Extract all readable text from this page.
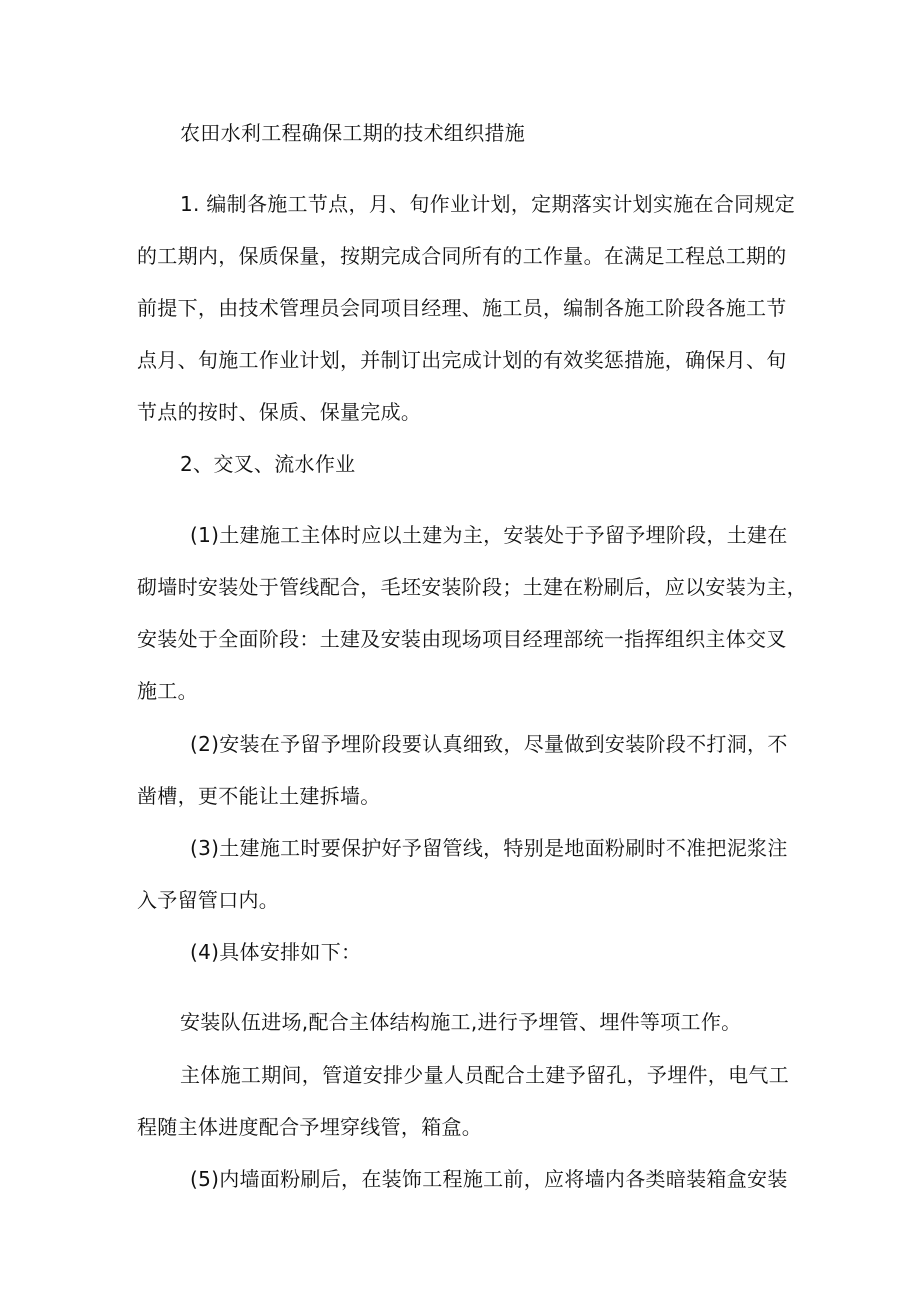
农田水利工程确保工期的技术组织措施
1. 编制各施工节点，月、旬作业计划，定期落实计划实施在合同规定
的工期内，保质保量，按期完成合同所有的工作量。在满足工程总工期的
前提下，由技术管理员会同项目经理、施工员，编制各施工阶段各施工节
点月、旬施工作业计划，并制订出完成计划的有效奖惩措施，确保月、旬
节点的按时、保质、保量完成。
2、交叉、流水作业
(1)土建施工主体时应以土建为主，安装处于予留予埋阶段，土建在
砌墙时安装处于管线配合，毛坯安装阶段；土建在粉刷后，应以安装为主，
安装处于全面阶段：土建及安装由现场项目经理部统一指挥组织主体交叉
施工。
(2)安装在予留予埋阶段要认真细致，尽量做到安装阶段不打洞，不
凿槽，更不能让土建拆墙。
(3)土建施工时要保护好予留管线，特别是地面粉刷时不准把泥浆注
入予留管口内。
(4)具体安排如下：
安装队伍进场,配合主体结构施工,进行予埋管、埋件等项工作。
主体施工期间，管道安排少量人员配合土建予留孔，予埋件，电气工
程随主体进度配合予埋穿线管，箱盒。
(5)内墙面粉刷后，在装饰工程施工前，应将墙内各类暗装箱盒安装
